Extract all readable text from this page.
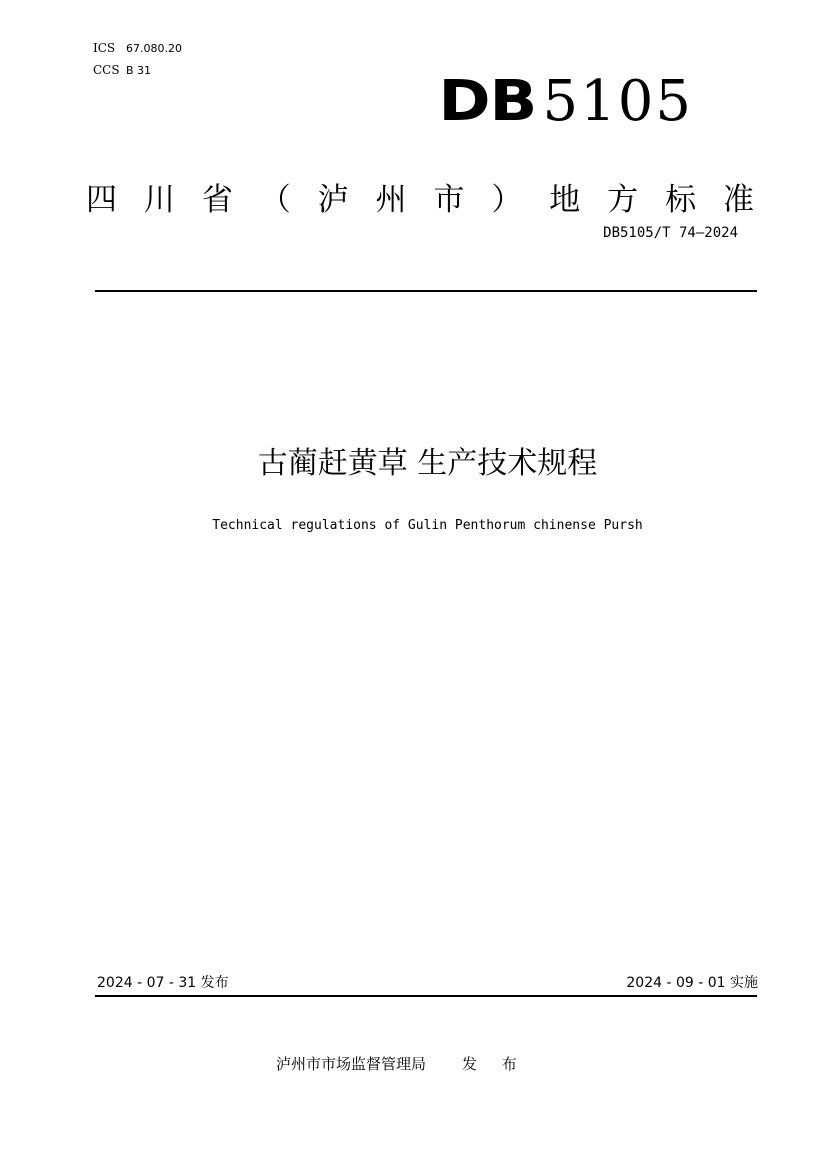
ICS 67.080.20
CCS B 31	DB 5105
四 川 省 （ 泸 州 市 ） 地 方 标 准
DB5105/T 74—2024
古蔺赶黄草 生产技术规程
Technical regulations of Gulin Penthorum chinense Pursh
2024 - 07 - 31 发布	2024 - 09 - 01 实施
泸州市市场监督管理局 发 布
